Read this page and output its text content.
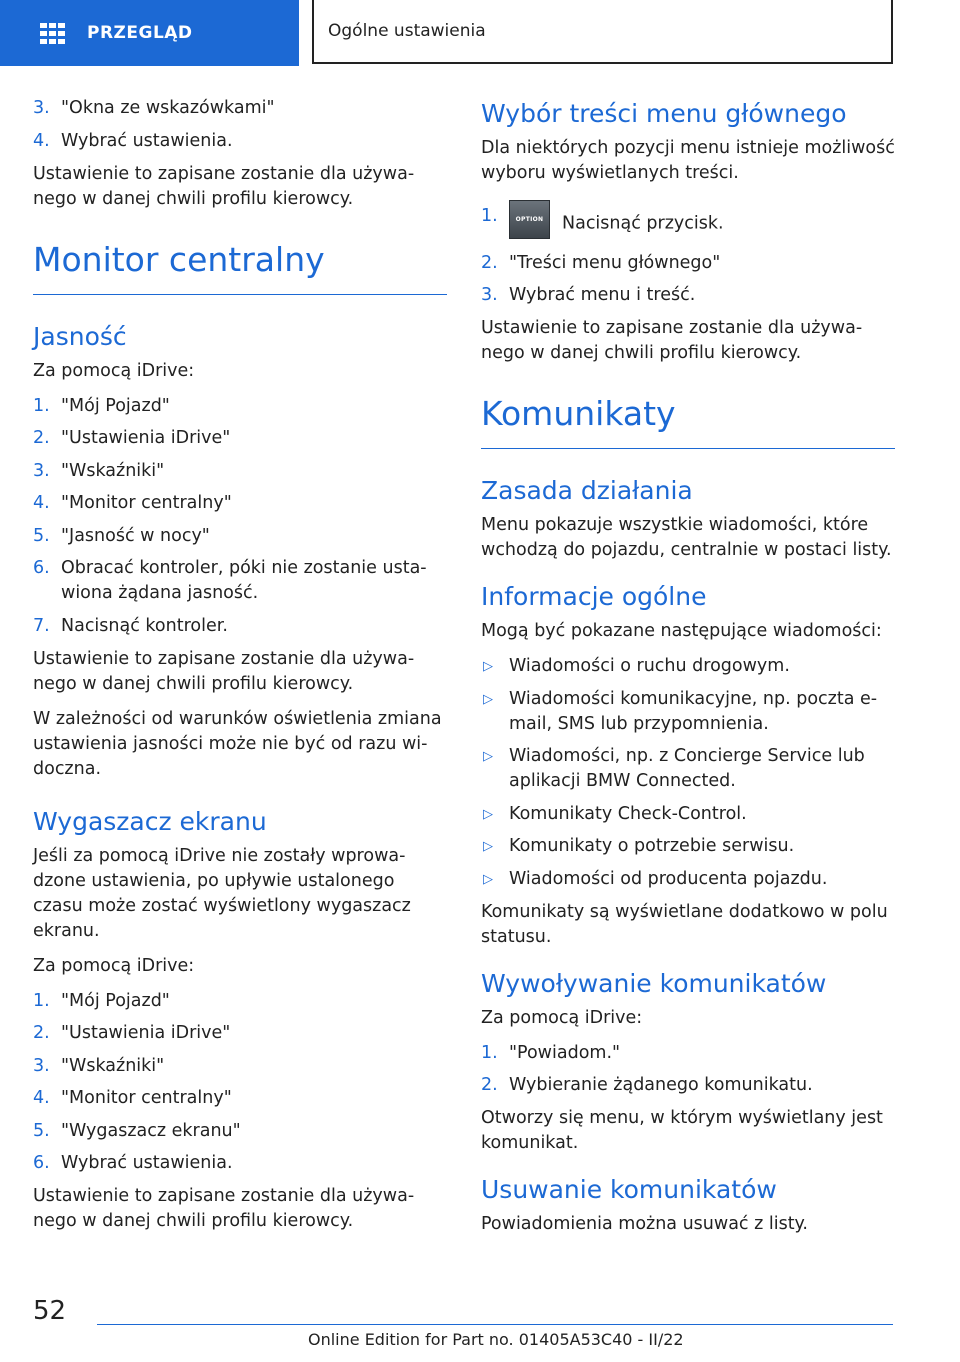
PRZEGLĄD	Ogólne ustawienia
3. "Okna ze wskazówkami"
4. Wybrać ustawienia.

Ustawienie to zapisane zostanie dla używa-nego w danej chwili profilu kierowcy.

Monitor centralny
Jasność

Za pomocą iDrive:

1. "Mój Pojazd"
2. "Ustawienia iDrive"
3. "Wskaźniki"
4. "Monitor centralny"
5. "Jasność w nocy"
6. Obracać kontroler, póki nie zostanie usta-wiona żądana jasność.
7. Nacisnąć kontroler.

Ustawienie to zapisane zostanie dla używa-nego w danej chwili profilu kierowcy.

W zależności od warunków oświetlenia zmiana ustawienia jasności może nie być od razu wi-doczna.

Wygaszacz ekranu

Jeśli za pomocą iDrive nie zostały wprowa-dzone ustawienia, po upływie ustalonego czasu może zostać wyświetlony wygaszacz ekranu.

Za pomocą iDrive:

1. "Mój Pojazd"
2. "Ustawienia iDrive"
3. "Wskaźniki"
4. "Monitor centralny"
5. "Wygaszacz ekranu"
6. Wybrać ustawienia.

Ustawienie to zapisane zostanie dla używa-nego w danej chwili profilu kierowcy.

Wybór treści menu głównego

Dla niektórych pozycji menu istnieje możliwość wyboru wyświetlanych treści.

1.	OPTION Nacisnąć przycisk.
2. "Treści menu głównego"
3. Wybrać menu i treść.

Ustawienie to zapisane zostanie dla używa-nego w danej chwili profilu kierowcy.

Komunikaty
Zasada działania

Menu pokazuje wszystkie wiadomości, które wchodzą do pojazdu, centralnie w postaci listy.

Informacje ogólne

Mogą być pokazane następujące wiadomości:

▷ Wiadomości o ruchu drogowym.
▷ Wiadomości komunikacyjne, np. poczta e-mail, SMS lub przypomnienia.
▷ Wiadomości, np. z Concierge Service lub aplikacji BMW Connected.
▷ Komunikaty Check-Control.
▷ Komunikaty o potrzebie serwisu.
▷ Wiadomości od producenta pojazdu.

Komunikaty są wyświetlane dodatkowo w polu statusu.

Wywoływanie komunikatów

Za pomocą iDrive:

1. "Powiadom."
2. Wybieranie żądanego komunikatu.

Otworzy się menu, w którym wyświetlany jest komunikat.

Usuwanie komunikatów

Powiadomienia można usuwać z listy.

52
Online Edition for Part no. 01405A53C40 - II/22
